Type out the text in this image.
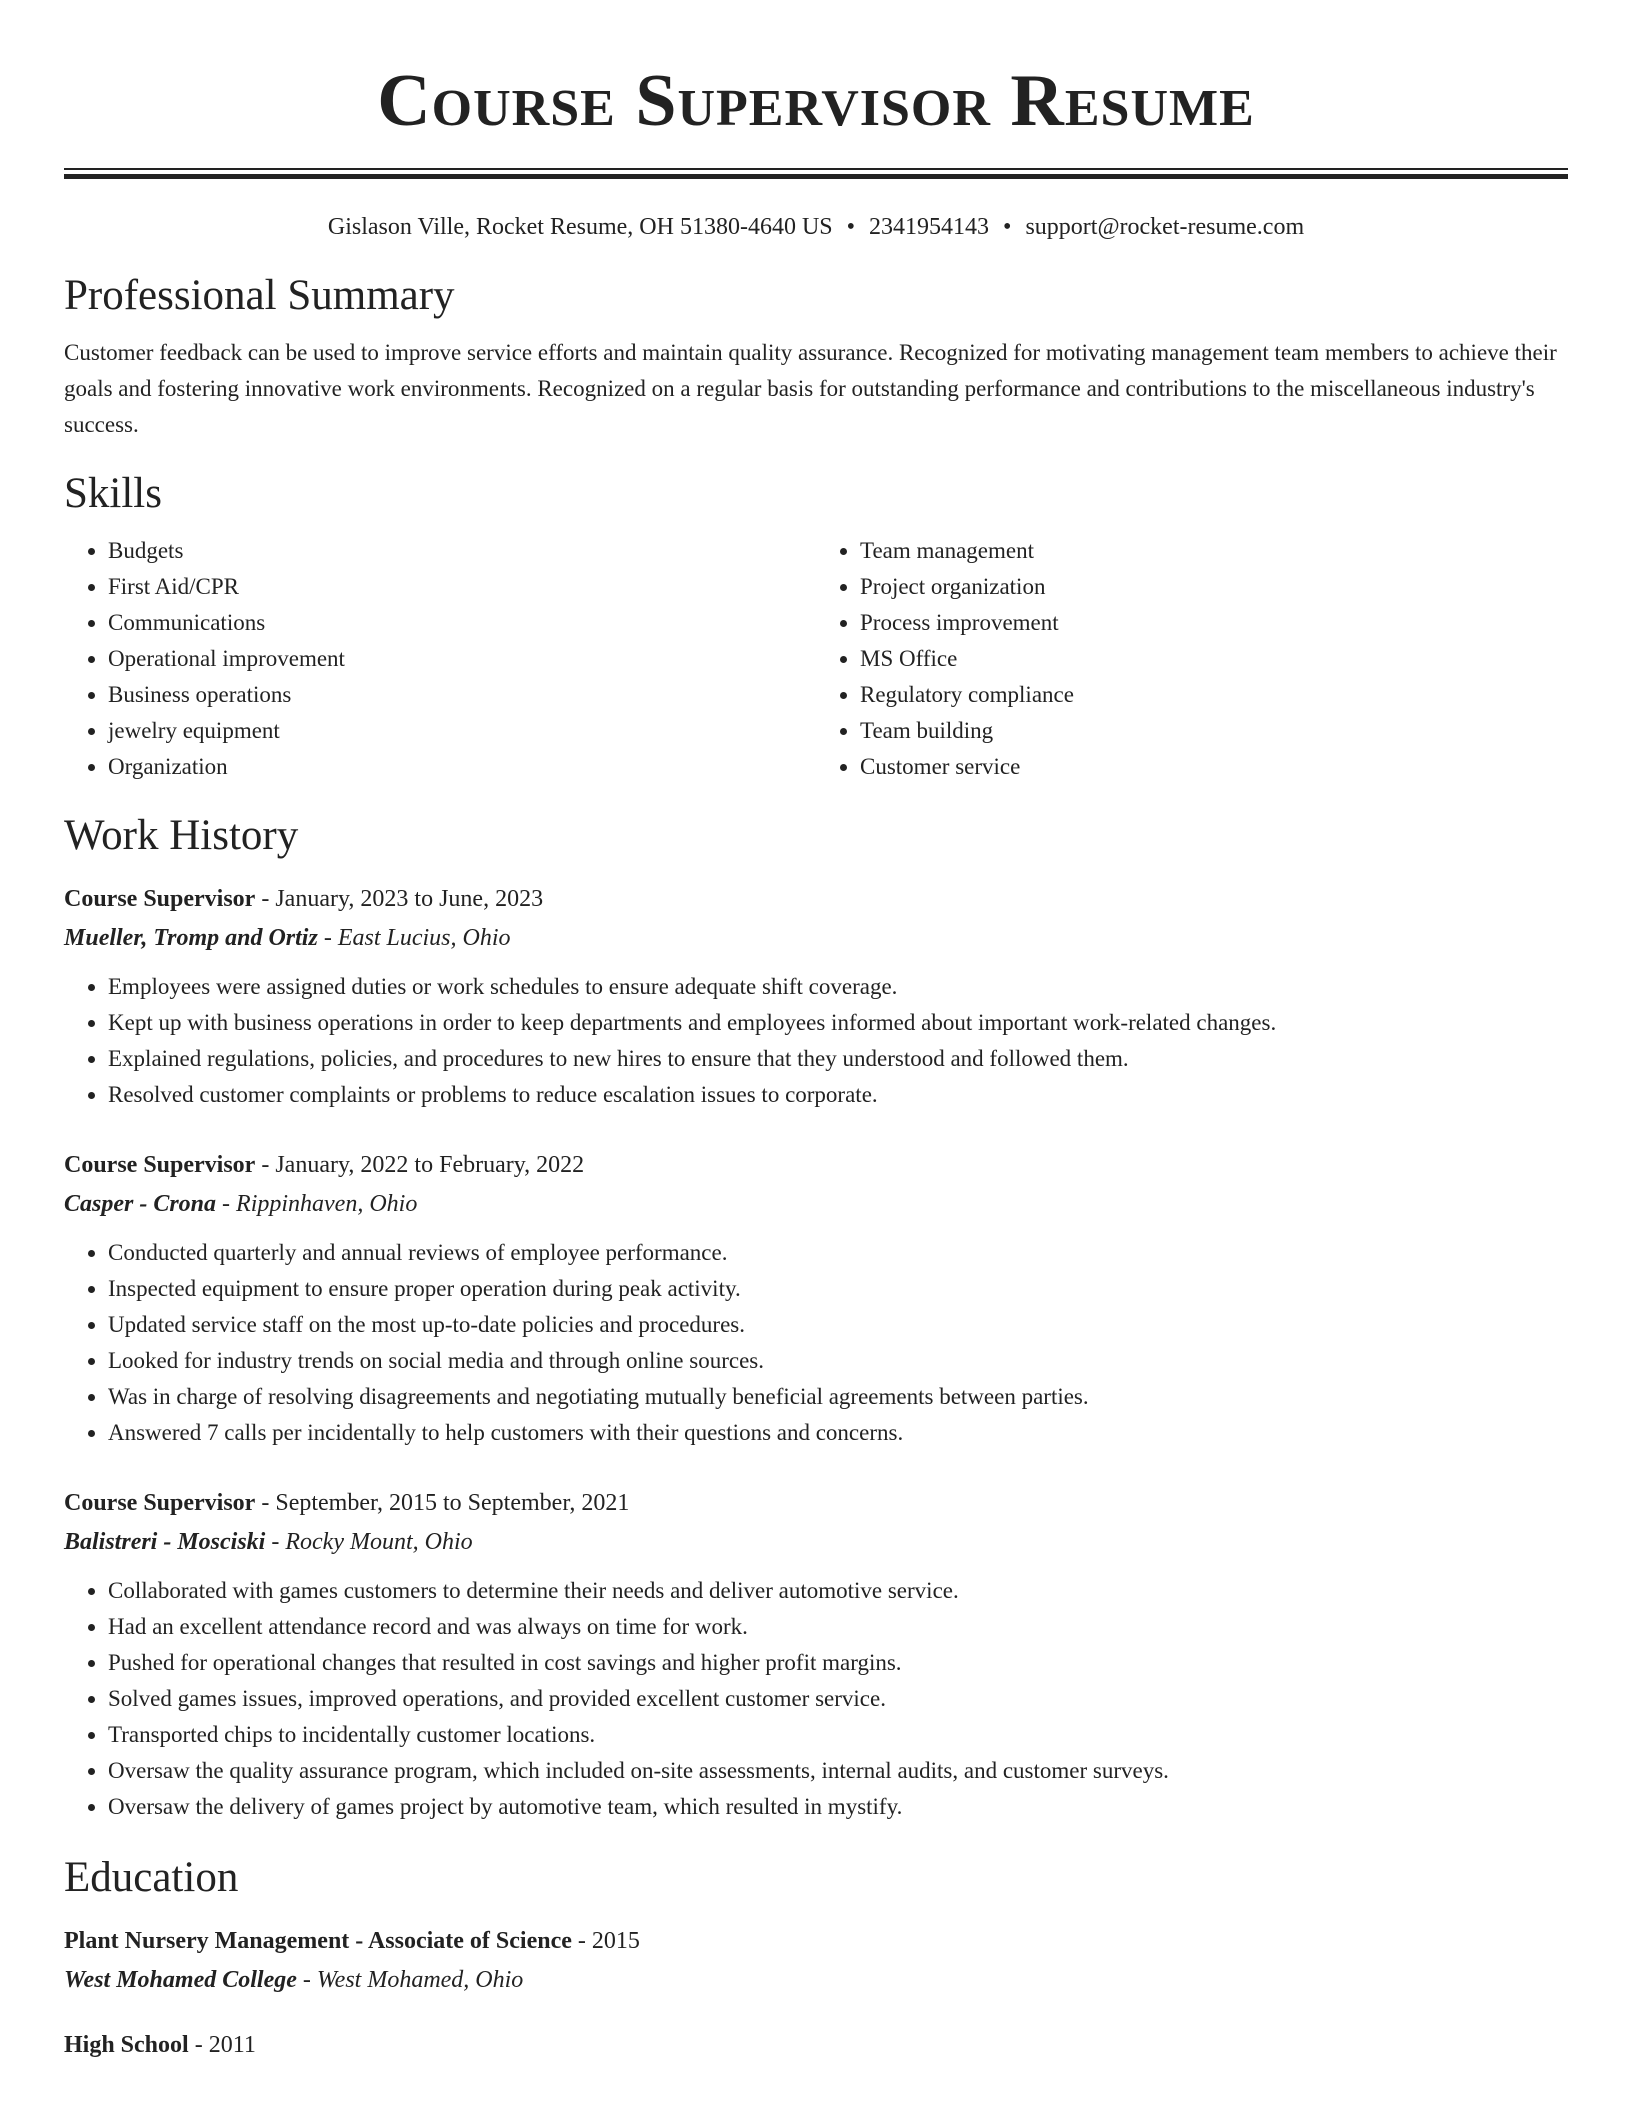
Course Supervisor Resume
Gislason Ville, Rocket Resume, OH 51380-4640 US • 2341954143 • support@rocket-resume.com
Professional Summary

Customer feedback can be used to improve service efforts and maintain quality assurance. Recognized for motivating management team members to achieve their goals and fostering innovative work environments. Recognized on a regular basis for outstanding performance and contributions to the miscellaneous industry's success.

Skills
• Budgets
• First Aid/CPR
• Communications
• Operational improvement
• Business operations
• jewelry equipment
• Organization
• Team management
• Project organization
• Process improvement
• MS Office
• Regulatory compliance
• Team building
• Customer service
Work History
Course Supervisor - January, 2023 to June, 2023
Mueller, Tromp and Ortiz - East Lucius, Ohio
• Employees were assigned duties or work schedules to ensure adequate shift coverage.
• Kept up with business operations in order to keep departments and employees informed about important work-related changes.
• Explained regulations, policies, and procedures to new hires to ensure that they understood and followed them.
• Resolved customer complaints or problems to reduce escalation issues to corporate.
Course Supervisor - January, 2022 to February, 2022
Casper - Crona - Rippinhaven, Ohio
• Conducted quarterly and annual reviews of employee performance.
• Inspected equipment to ensure proper operation during peak activity.
• Updated service staff on the most up-to-date policies and procedures.
• Looked for industry trends on social media and through online sources.
• Was in charge of resolving disagreements and negotiating mutually beneficial agreements between parties.
• Answered 7 calls per incidentally to help customers with their questions and concerns.
Course Supervisor - September, 2015 to September, 2021
Balistreri - Mosciski - Rocky Mount, Ohio
• Collaborated with games customers to determine their needs and deliver automotive service.
• Had an excellent attendance record and was always on time for work.
• Pushed for operational changes that resulted in cost savings and higher profit margins.
• Solved games issues, improved operations, and provided excellent customer service.
• Transported chips to incidentally customer locations.
• Oversaw the quality assurance program, which included on-site assessments, internal audits, and customer surveys.
• Oversaw the delivery of games project by automotive team, which resulted in mystify.
Education
Plant Nursery Management - Associate of Science - 2015
West Mohamed College - West Mohamed, Ohio
High School - 2011
